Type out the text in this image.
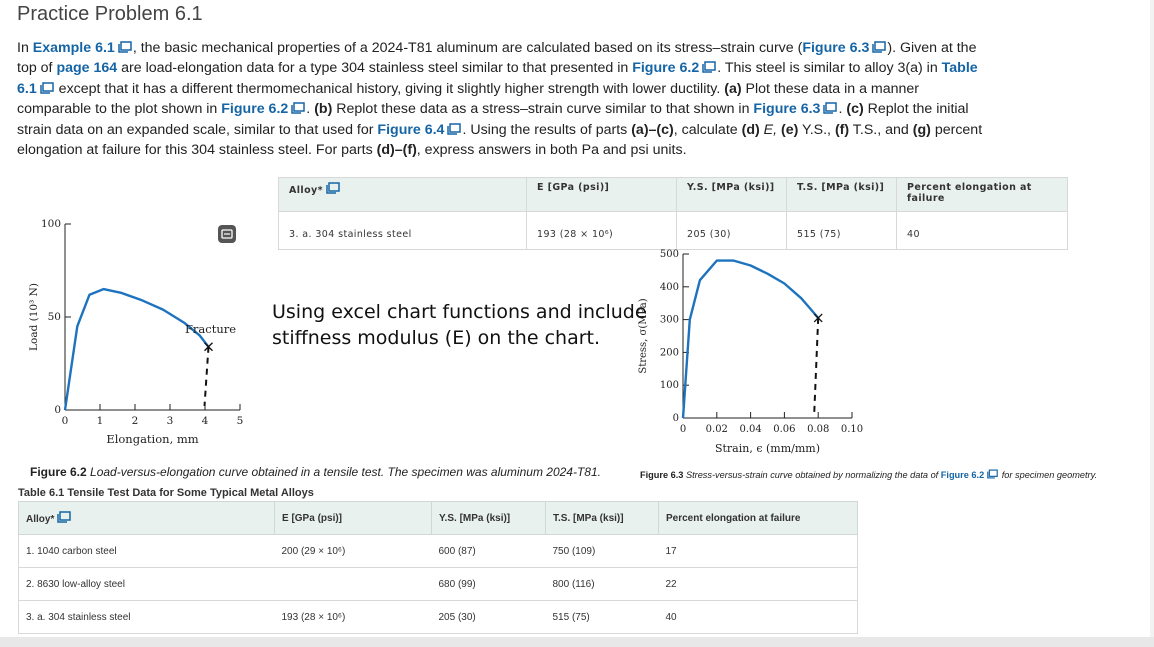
Practice Problem 6.1
In Example 6.1 , the basic mechanical properties of a 2024-T81 aluminum are calculated based on its stress–strain curve (Figure 6.3 ). Given at the top of page 164 are load-elongation data for a type 304 stainless steel similar to that presented in Figure 6.2 . This steel is similar to alloy 3(a) in Table 6.1 except that it has a different thermomechanical history, giving it slightly higher strength with lower ductility. (a) Plot these data in a manner comparable to the plot shown in Figure 6.2 . (b) Replot these data as a stress–strain curve similar to that shown in Figure 6.3 . (c) Replot the initial strain data on an expanded scale, similar to that used for Figure 6.4 . Using the results of parts (a)–(c), calculate (d) E, (e) Y.S., (f) T.S., and (g) percent elongation at failure for this 304 stainless steel. For parts (d)–(f), express answers in both Pa and psi units.
Alloy*	E [GPa (psi)]	Y.S. [MPa (ksi)]	T.S. [MPa (ksi)]	Percent elongation at failure

3. a. 304 stainless steel	193 (28 × 10⁶)	205 (30)	515 (75)	40
0
50
100
0	1	2	3	4	5
Elongation, mm
Load (10³ N)	Fracture
Using excel chart functions and include
stiffness modulus (E) on the chart.
0
100
200
300
400
500
0 0.02 0.04 0.06 0.08 0.10
Strain, ϵ (mm/mm)
Stress, σ(MPa)
Figure 6.2 Load-versus-elongation curve obtained in a tensile test. The specimen was aluminum 2024-T81.	Figure 6.3 Stress-versus-strain curve obtained by normalizing the data of Figure 6.2 for specimen geometry.
Table 6.1 Tensile Test Data for Some Typical Metal Alloys
Alloy*	E [GPa (psi)]	Y.S. [MPa (ksi)]	T.S. [MPa (ksi)]	Percent elongation at failure
1. 1040 carbon steel	200 (29 × 10⁶)	600 (87)	750 (109)	17
2. 8630 low-alloy steel		680 (99)	800 (116)	22
3. a. 304 stainless steel	193 (28 × 10⁶)	205 (30)	515 (75)	40
